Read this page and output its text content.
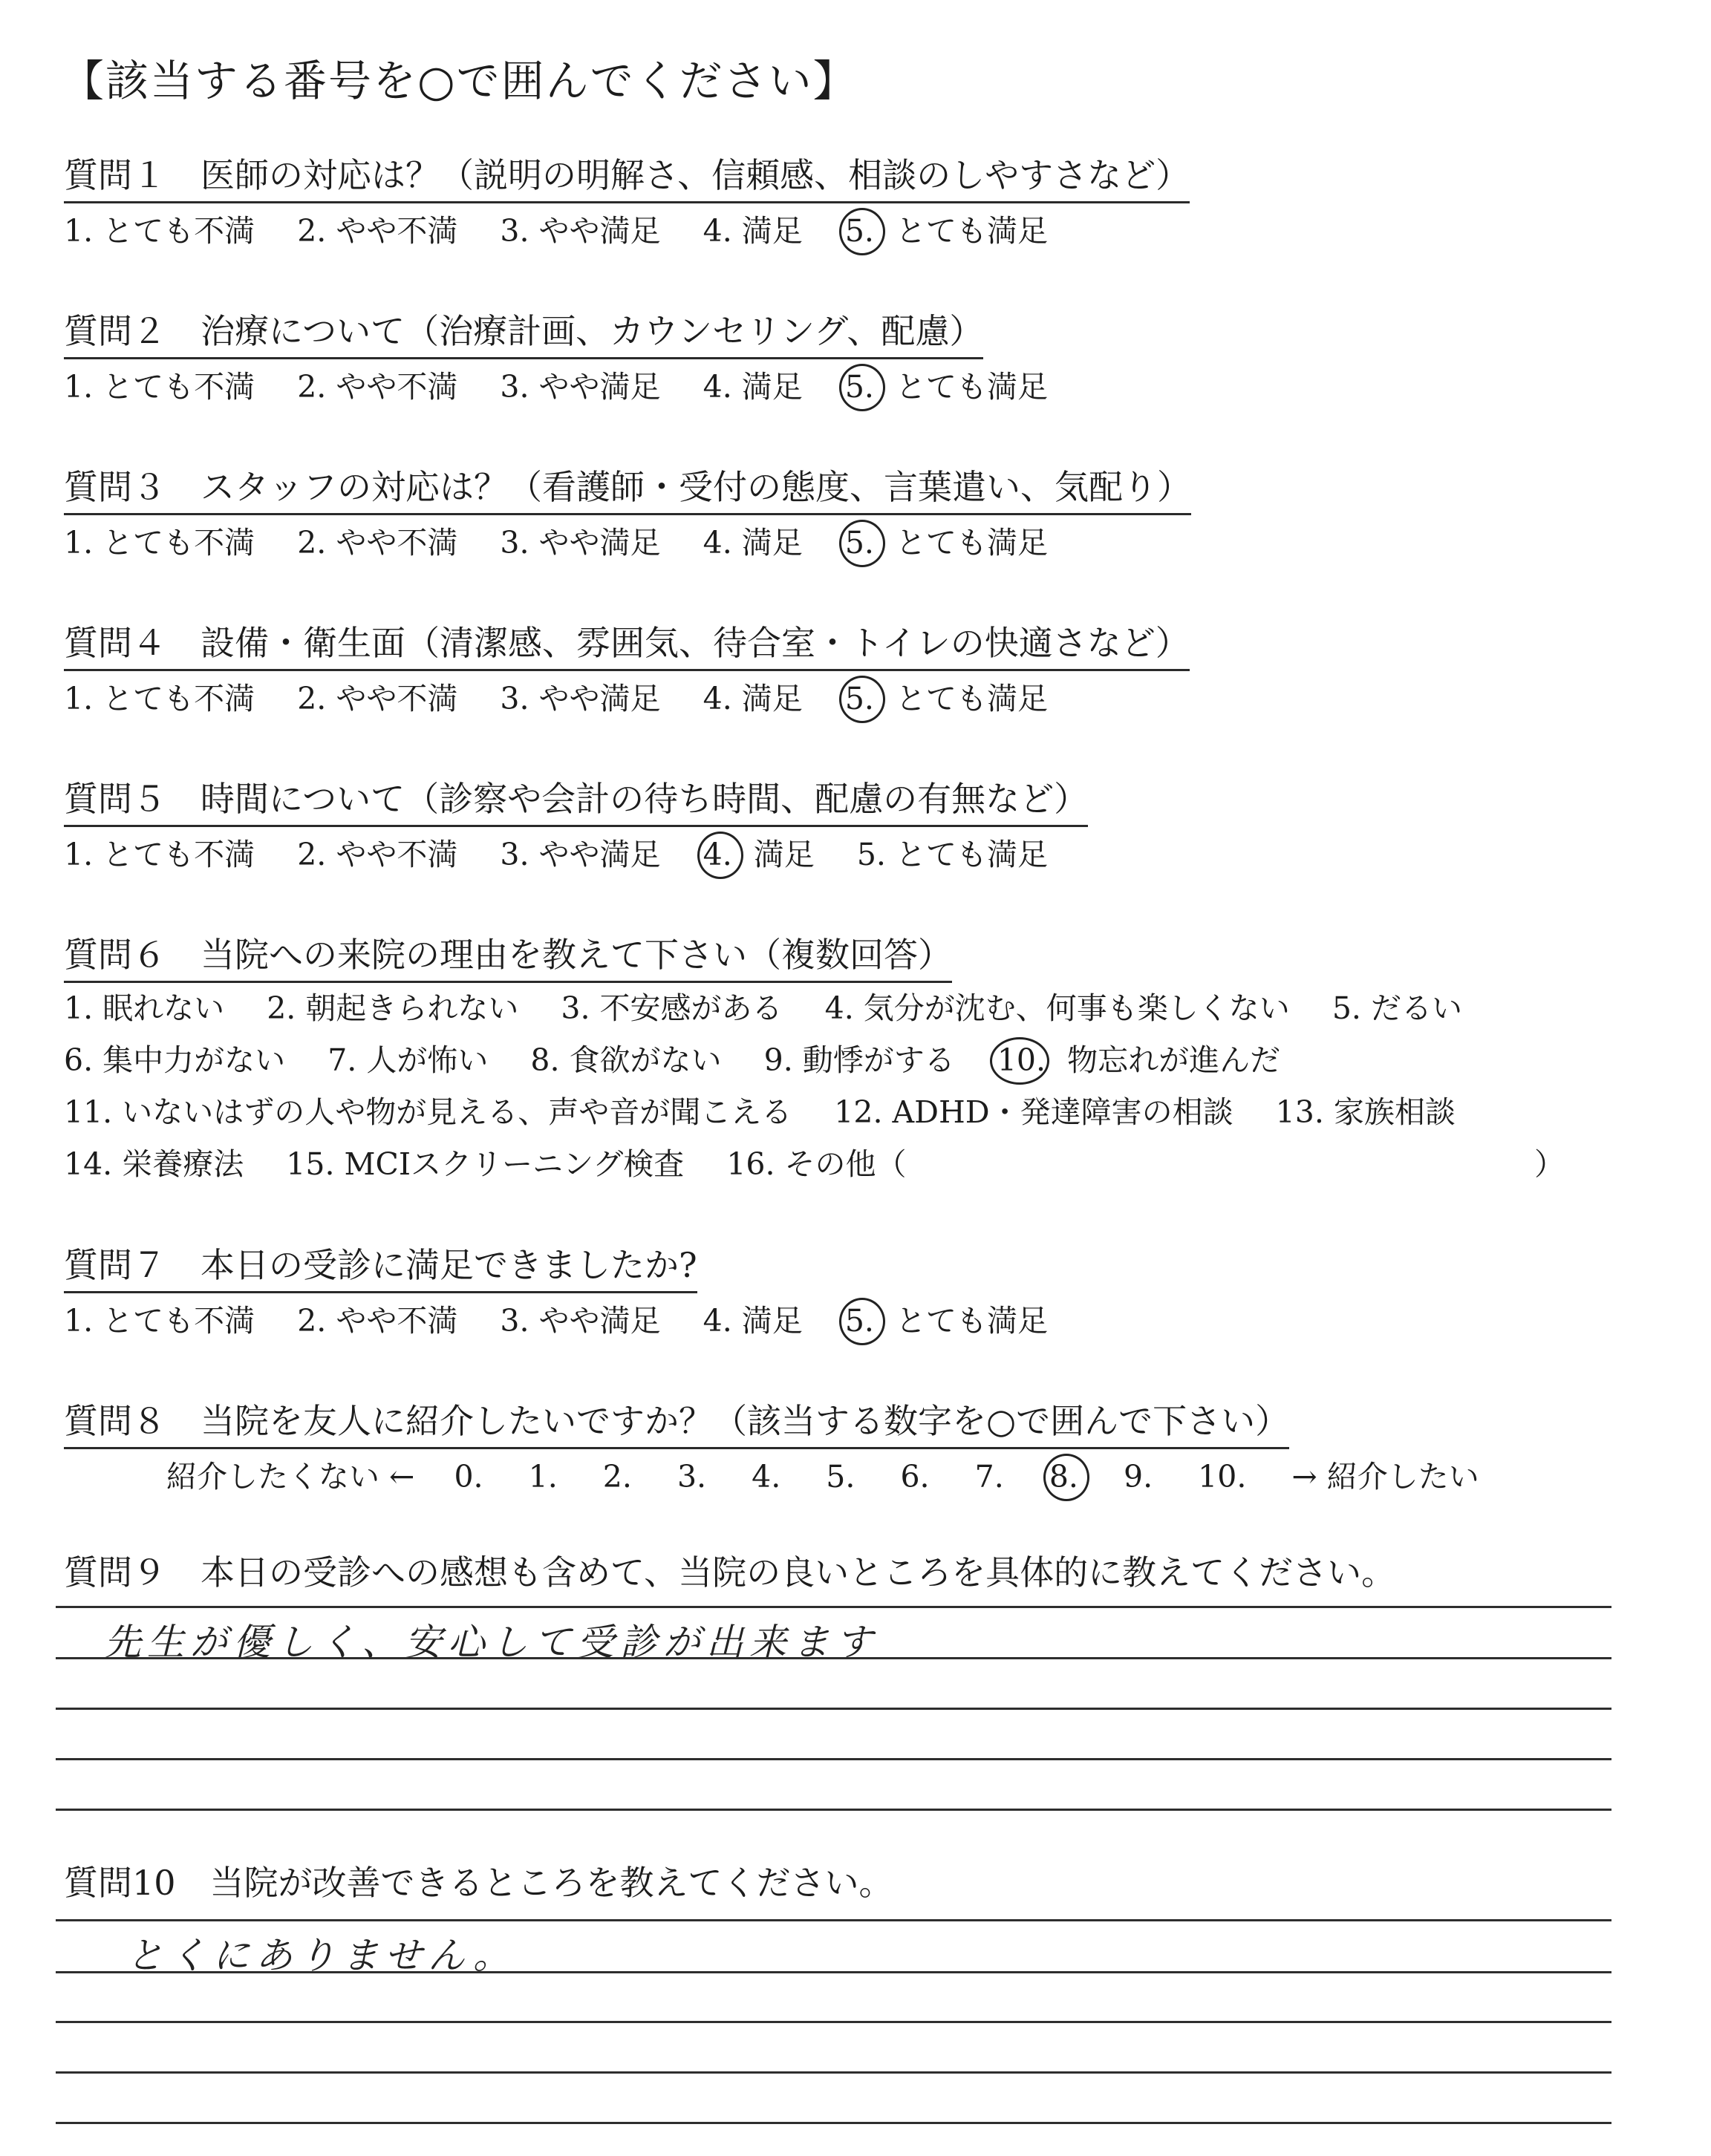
【該当する番号を○で囲んでください】
質問１　医師の対応は？（説明の明解さ、信頼感、相談のしやすさなど）
1. とても不満 2. やや不満 3. やや満足 4. 満足 5. とても満足
質問２　治療について（治療計画、カウンセリング、配慮）
1. とても不満 2. やや不満 3. やや満足 4. 満足 5. とても満足
質問３　スタッフの対応は？（看護師・受付の態度、言葉遣い、気配り）
1. とても不満 2. やや不満 3. やや満足 4. 満足 5. とても満足
質問４　設備・衛生面（清潔感、雰囲気、待合室・トイレの快適さなど）
1. とても不満 2. やや不満 3. やや満足 4. 満足 5. とても満足
質問５　時間について（診察や会計の待ち時間、配慮の有無など）
1. とても不満 2. やや不満 3. やや満足 4. 満足 5. とても満足
質問６　当院への来院の理由を教えて下さい（複数回答）
1. 眠れない 2. 朝起きられない 3. 不安感がある 4. 気分が沈む、何事も楽しくない 5. だるい
6. 集中力がない 7. 人が怖い 8. 食欲がない 9. 動悸がする 10. 物忘れが進んだ
11. いないはずの人や物が見える、声や音が聞こえる 12. ADHD・発達障害の相談 13. 家族相談
14. 栄養療法 15. MCIスクリーニング検査 16. その他（	）
質問７　本日の受診に満足できましたか?
1. とても不満 2. やや不満 3. やや満足 4. 満足 5. とても満足
質問８　当院を友人に紹介したいですか？（該当する数字を○で囲んで下さい）
紹介したくない ← 0. 1. 2. 3. 4. 5. 6. 7. 8. 9. 10. → 紹介したい
質問９　本日の受診への感想も含めて、当院の良いところを具体的に教えてください。
先生が優しく、安心して受診が出来ます
質問10　当院が改善できるところを教えてください。
とくにありません。
